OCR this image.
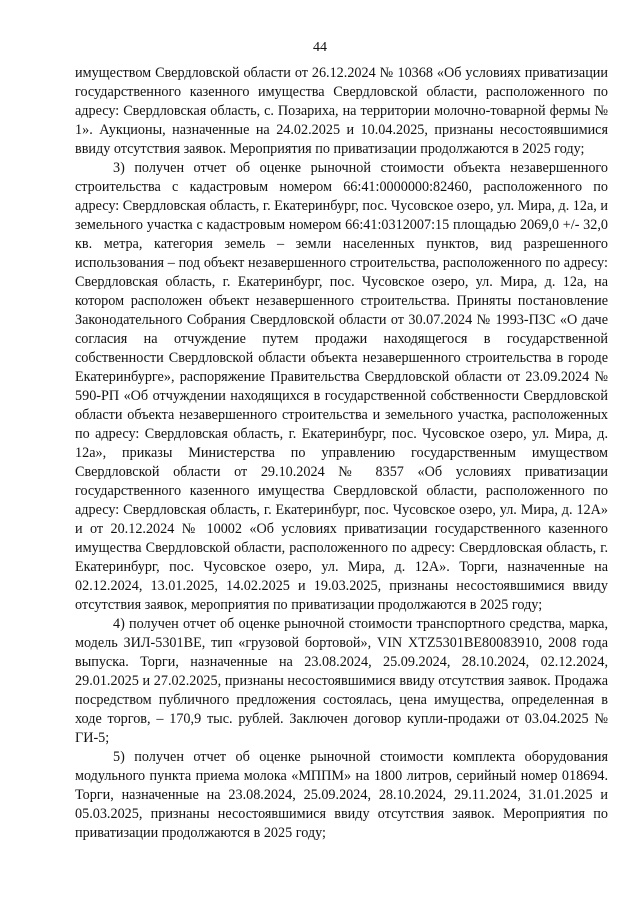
44

имуществом Свердловской области от 26.12.2024 № 10368 «Об условиях приватизации государственного казенного имущества Свердловской области, расположенного по адресу: Свердловская область, с. Позариха, на территории молочно-товарной фермы № 1». Аукционы, назначенные на 24.02.2025 и 10.04.2025, признаны несостоявшимися ввиду отсутствия заявок. Мероприятия по приватизации продолжаются в 2025 году;

3) получен отчет об оценке рыночной стоимости объекта незавершенного строительства с кадастровым номером 66:41:0000000:82460, расположенного по адресу: Свердловская область, г. Екатеринбург, пос. Чусовское озеро, ул. Мира, д. 12а, и земельного участка с кадастровым номером 66:41:0312007:15 площадью 2069,0 +/- 32,0 кв. метра, категория земель – земли населенных пунктов, вид разрешенного использования – под объект незавершенного строительства, расположенного по адресу: Свердловская область, г. Екатеринбург, пос. Чусовское озеро, ул. Мира, д. 12а, на котором расположен объект незавершенного строительства. Приняты постановление Законодательного Собрания Свердловской области от 30.07.2024 № 1993-ПЗС «О даче согласия на отчуждение путем продажи находящегося в государственной собственности Свердловской области объекта незавершенного строительства в городе Екатеринбурге», распоряжение Правительства Свердловской области от 23.09.2024 № 590-РП «Об отчуждении находящихся в государственной собственности Свердловской области объекта незавершенного строительства и земельного участка, расположенных по адресу: Свердловская область, г. Екатеринбург, пос. Чусовское озеро, ул. Мира, д. 12а», приказы Министерства по управлению государственным имуществом Свердловской области от 29.10.2024 № 8357 «Об условиях приватизации государственного казенного имущества Свердловской области, расположенного по адресу: Свердловская область, г. Екатеринбург, пос. Чусовское озеро, ул. Мира, д. 12А» и от 20.12.2024 № 10002 «Об условиях приватизации государственного казенного имущества Свердловской области, расположенного по адресу: Свердловская область, г. Екатеринбург, пос. Чусовское озеро, ул. Мира, д. 12А». Торги, назначенные на 02.12.2024, 13.01.2025, 14.02.2025 и 19.03.2025, признаны несостоявшимися ввиду отсутствия заявок, мероприятия по приватизации продолжаются в 2025 году;

4) получен отчет об оценке рыночной стоимости транспортного средства, марка, модель ЗИЛ-5301ВЕ, тип «грузовой бортовой», VIN XTZ5301BE80083910, 2008 года выпуска. Торги, назначенные на 23.08.2024, 25.09.2024, 28.10.2024, 02.12.2024, 29.01.2025 и 27.02.2025, признаны несостоявшимися ввиду отсутствия заявок. Продажа посредством публичного предложения состоялась, цена имущества, определенная в ходе торгов, – 170,9 тыс. рублей. Заключен договор купли-продажи от 03.04.2025 № ГИ-5;

5) получен отчет об оценке рыночной стоимости комплекта оборудования модульного пункта приема молока «МППМ» на 1800 литров, серийный номер 018694. Торги, назначенные на 23.08.2024, 25.09.2024, 28.10.2024, 29.11.2024, 31.01.2025 и 05.03.2025, признаны несостоявшимися ввиду отсутствия заявок. Мероприятия по приватизации продолжаются в 2025 году;
